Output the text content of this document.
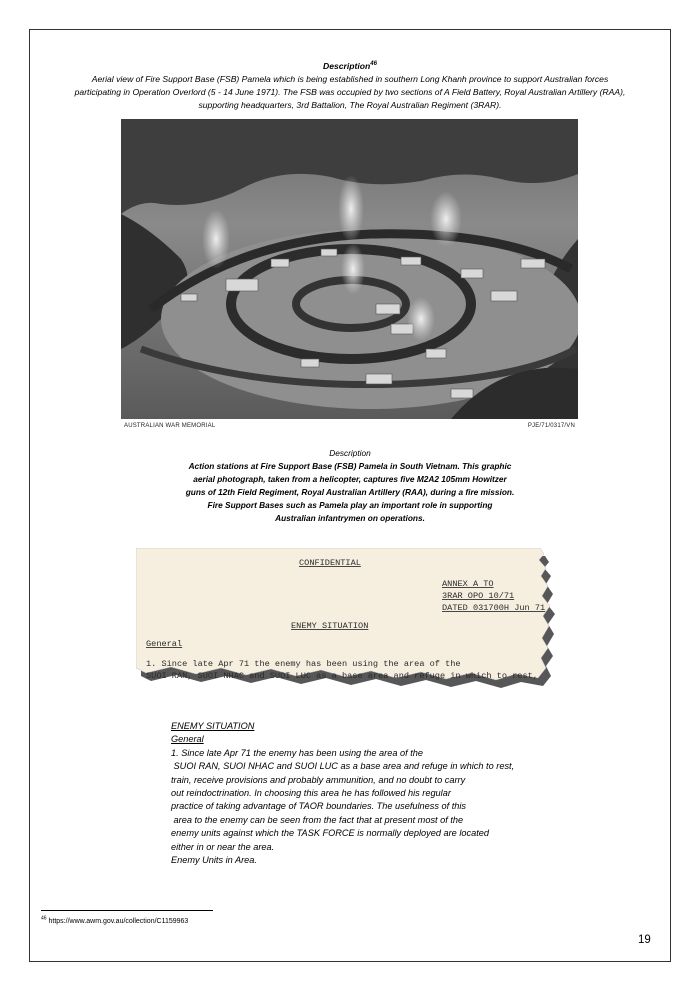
Description$^{46}$
Aerial view of Fire Support Base (FSB) Pamela which is being established in southern Long Khanh province to support Australian forces
participating in Operation Overlord (5 - 14 June 1971). The FSB was occupied by two sections of A Field Battery, Royal Australian Artillery (RAA),
supporting headquarters, 3rd Battalion, The Royal Australian Regiment (3RAR).
AUSTRALIAN WAR MEMORIAL	PJE/71/0317/VN
Description
Action stations at Fire Support Base (FSB) Pamela in South Vietnam. This graphic
aerial photograph, taken from a helicopter, captures five M2A2 105mm Howitzer
guns of 12th Field Regiment, Royal Australian Artillery (RAA), during a fire mission.
Fire Support Bases such as Pamela play an important role in supporting
Australian infantrymen on operations.
CONFIDENTIAL
ANNEX A TO
3RAR OPO 10/71
DATED 031700H Jun 71
ENEMY SITUATION
General
1. Since late Apr 71 the enemy has been using the area of the
SUOI RAN, SUOI NHAC and SUOI LUC as a base area and refuge in which to rest,
ENEMY SITUATION
General
1. Since late Apr 71 the enemy has been using the area of the
SUOI RAN, SUOI NHAC and SUOI LUC as a base area and refuge in which to rest,
train, receive provisions and probably ammunition, and no doubt to carry
out reindoctrination. In choosing this area he has followed his regular
practice of taking advantage of TAOR boundaries. The usefulness of this
area to the enemy can be seen from the fact that at present most of the
enemy units against which the TASK FORCE is normally deployed are located
either in or near the area.
Enemy Units in Area.
$^{46}$ https://www.awm.gov.au/collection/C1159963
19
